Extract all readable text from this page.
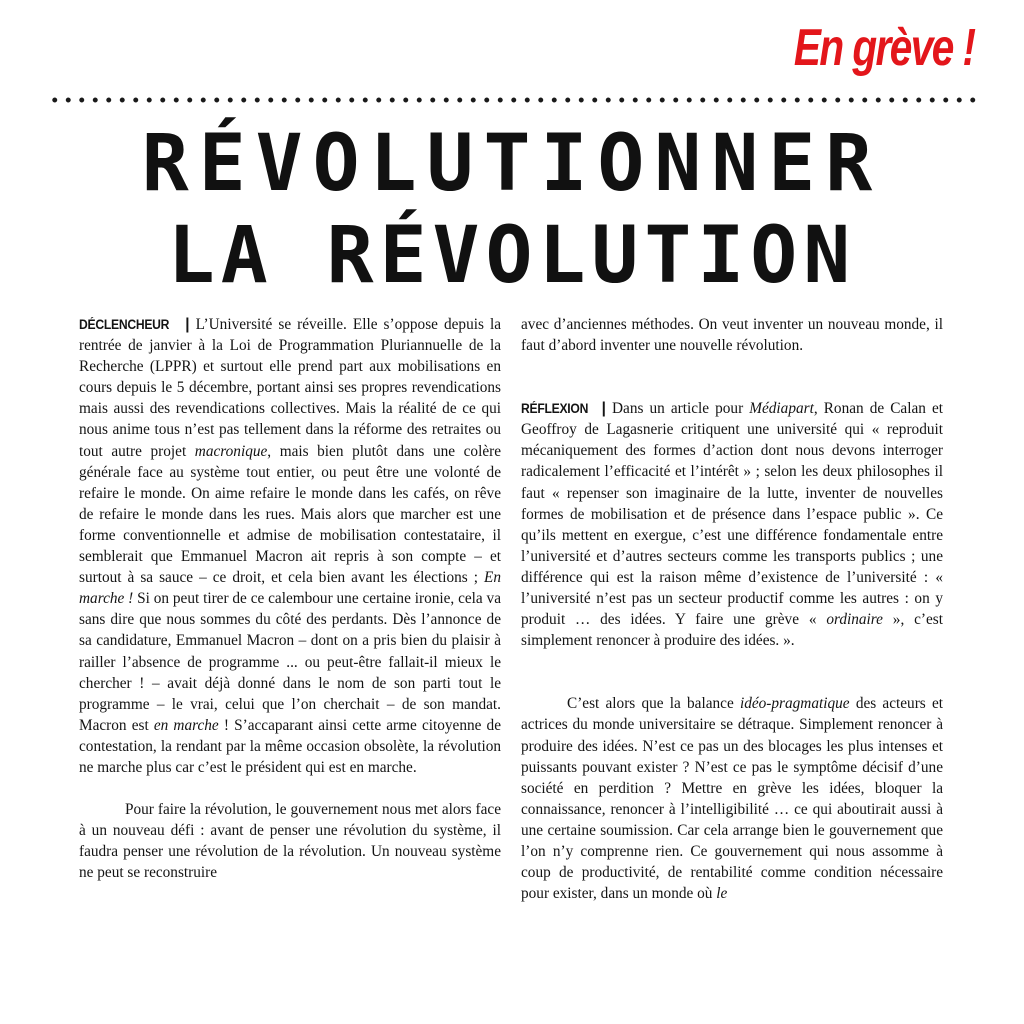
En grève !
RÉVOLUTIONNER
LA RÉVOLUTION

DÉCLENCHEUR | L’Université se réveille. Elle s’oppose depuis la rentrée de janvier à la Loi de Programmation Pluriannuelle de la Recherche (LPPR) et surtout elle prend part aux mobilisations en cours depuis le 5 décembre, portant ainsi ses propres revendications mais aussi des revendications collectives. Mais la réalité de ce qui nous anime tous n’est pas tellement dans la réforme des retraites ou tout autre projet macronique, mais bien plutôt dans une colère générale face au système tout entier, ou peut être une volonté de refaire le monde. On aime refaire le monde dans les cafés, on rêve de refaire le monde dans les rues. Mais alors que marcher est une forme conventionnelle et admise de mobilisation contestataire, il semblerait que Emmanuel Macron ait repris à son compte – et surtout à sa sauce – ce droit, et cela bien avant les élections ; En marche ! Si on peut tirer de ce calembour une certaine ironie, cela va sans dire que nous sommes du côté des perdants. Dès l’annonce de sa candidature, Emmanuel Macron – dont on a pris bien du plaisir à railler l’absence de programme ... ou peut-être fallait-il mieux le chercher ! – avait déjà donné dans le nom de son parti tout le programme – le vrai, celui que l’on cherchait – de son mandat. Macron est en marche ! S’accaparant ainsi cette arme citoyenne de contestation, la rendant par la même occasion obsolète, la révolution ne marche plus car c’est le président qui est en marche.

Pour faire la révolution, le gouvernement nous met alors face à un nouveau défi : avant de penser une révolution du système, il faudra penser une révolution de la révolution. Un nouveau système ne peut se reconstruire

avec d’anciennes méthodes. On veut inventer un nouveau monde, il faut d’abord inventer une nouvelle révolution.

RÉFLEXION | Dans un article pour Médiapart, Ronan de Calan et Geoffroy de Lagasnerie critiquent une université qui « reproduit mécaniquement des formes d’action dont nous devons interroger radicalement l’efficacité et l’intérêt » ; selon les deux philosophes il faut « repenser son imaginaire de la lutte, inventer de nouvelles formes de mobilisation et de présence dans l’espace public ». Ce qu’ils mettent en exergue, c’est une différence fondamentale entre l’université et d’autres secteurs comme les transports publics ; une différence qui est la raison même d’existence de l’université : « l’université n’est pas un secteur productif comme les autres : on y produit … des idées. Y faire une grève « ordinaire », c’est simplement renoncer à produire des idées. ».

C’est alors que la balance idéo-pragmatique des acteurs et actrices du monde universitaire se détraque. Simplement renoncer à produire des idées. N’est ce pas un des blocages les plus intenses et puissants pouvant exister ? N’est ce pas le symptôme décisif d’une société en perdition ? Mettre en grève les idées, bloquer la connaissance, renoncer à l’intelligibilité … ce qui aboutirait aussi à une certaine soumission. Car cela arrange bien le gouvernement que l’on n’y comprenne rien. Ce gouvernement qui nous assomme à coup de productivité, de rentabilité comme condition nécessaire pour exister, dans un monde où le
